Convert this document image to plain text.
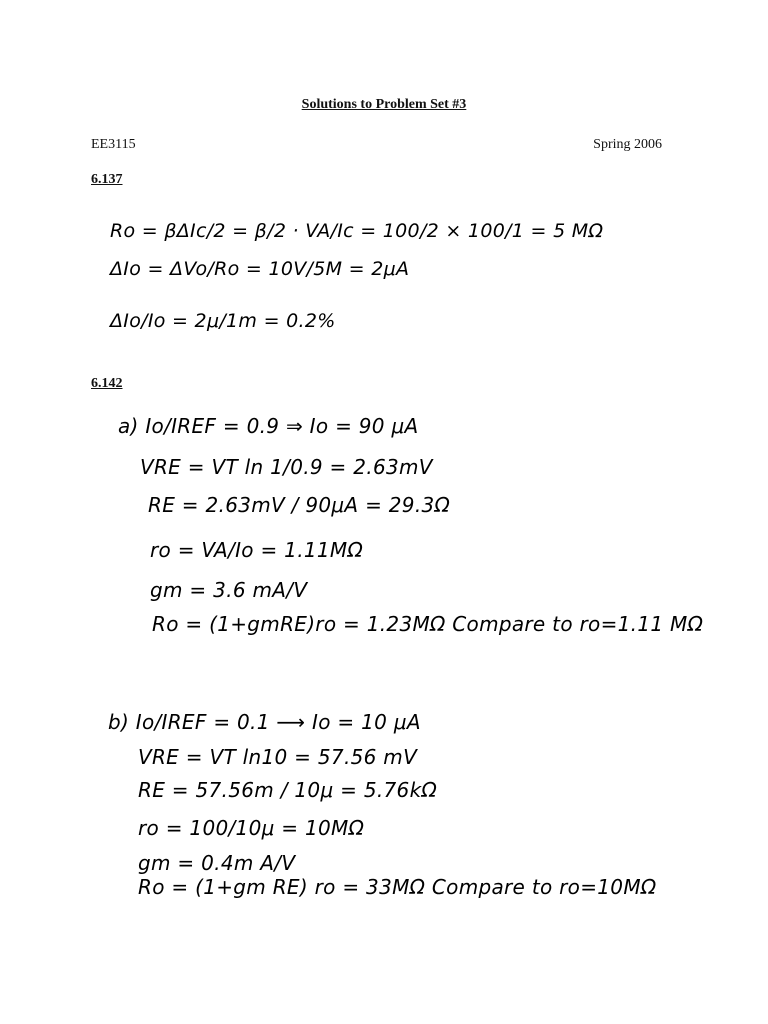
Solutions to Problem Set #3
EE3115	Spring 2006
6.137
Ro = βΔIc/2 = β/2 · VA/Ic = 100/2 × 100/1 = 5 MΩ
ΔIo = ΔVo/Ro = 10V/5M = 2μA
ΔIo/Io = 2μ/1m = 0.2%
6.142
a) Io/IREF = 0.9 ⇒ Io = 90 μA
VRE = VT ln 1/0.9 = 2.63mV
RE = 2.63mV / 90μA = 29.3Ω
ro = VA/Io = 1.11MΩ
gm = 3.6 mA/V
Ro = (1+gmRE)ro = 1.23MΩ Compare to ro=1.11 MΩ
b) Io/IREF = 0.1 ⟶ Io = 10 μA
VRE = VT ln10 = 57.56 mV
RE = 57.56m / 10μ = 5.76kΩ
ro = 100/10μ = 10MΩ
gm = 0.4m A/V
Ro = (1+gm RE) ro = 33MΩ Compare to ro=10MΩ
